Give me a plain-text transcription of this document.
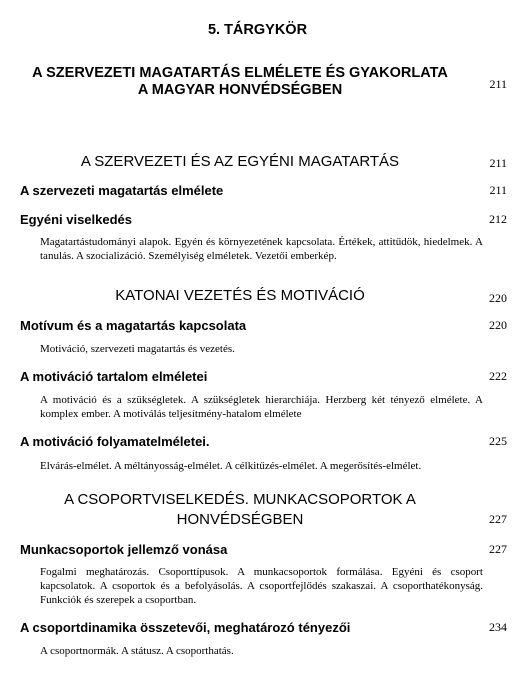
5. TÁRGYKÖR
A SZERVEZETI MAGATARTÁS ELMÉLETE ÉS GYAKORLATA
A MAGYAR HONVÉDSÉGBEN	211
A SZERVEZETI ÉS AZ EGYÉNI MAGATARTÁS	211
A szervezeti magatartás elmélete	211
Egyéni viselkedés	212
Magatartástudományi alapok. Egyén és környezetének kapcsolata. Értékek, attitűdök, hiedelmek. A tanulás. A szocializáció. Személyiség elméletek. Vezetői emberkép.
KATONAI VEZETÉS ÉS MOTIVÁCIÓ	220
Motívum és a magatartás kapcsolata	220
Motiváció, szervezeti magatartás és vezetés.
A motiváció tartalom elméletei	222
A motiváció és a szükségletek. A szükségletek hierarchiája. Herzberg két tényező elmélete. A komplex ember. A motiválás teljesítmény-hatalom elmélete
A motiváció folyamatelméletei.	225
Elvárás-elmélet. A méltányosság-elmélet. A célkitűzés-elmélet. A megerősítés-elmélet.
A CSOPORTVISELKEDÉS. MUNKACSOPORTOK A
HONVÉDSÉGBEN	227
Munkacsoportok jellemző vonása	227
Fogalmi meghatározás. Csoporttípusok. A munkacsoportok formálása. Egyéni és csoport kapcsolatok. A csoportok és a befolyásolás. A csoportfejlődés szakaszai. A csoporthatékonyság. Funkciók és szerepek a csoportban.
A csoportdinamika összetevői, meghatározó tényezői	234
A csoportnormák. A státusz. A csoporthatás.
